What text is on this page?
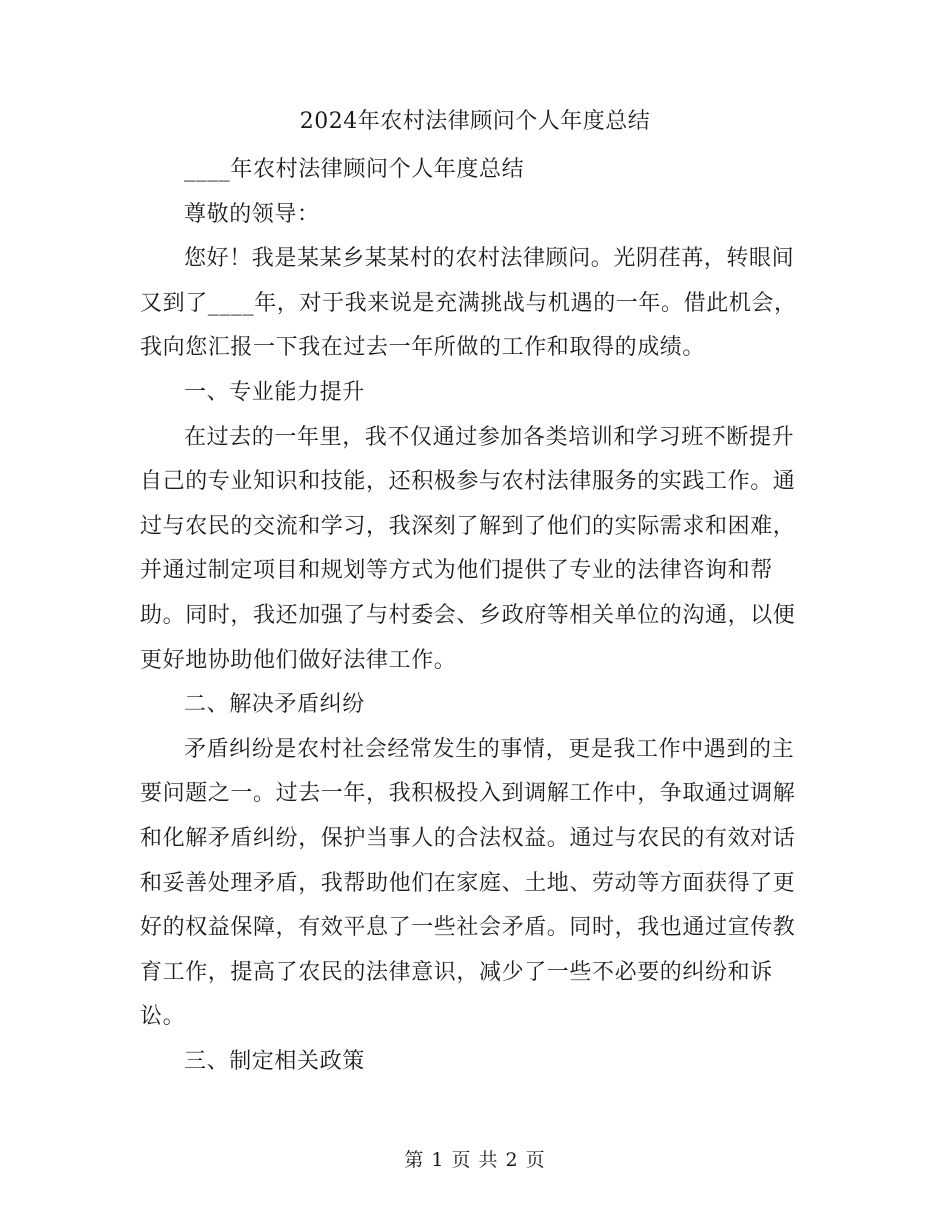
2024年农村法律顾问个人年度总结

____年农村法律顾问个人年度总结

尊敬的领导：

您好！我是某某乡某某村的农村法律顾问。光阴荏苒，转眼间又到了____年，对于我来说是充满挑战与机遇的一年。借此机会，我向您汇报一下我在过去一年所做的工作和取得的成绩。

一、专业能力提升

在过去的一年里，我不仅通过参加各类培训和学习班不断提升自己的专业知识和技能，还积极参与农村法律服务的实践工作。通过与农民的交流和学习，我深刻了解到了他们的实际需求和困难，并通过制定项目和规划等方式为他们提供了专业的法律咨询和帮助。同时，我还加强了与村委会、乡政府等相关单位的沟通，以便更好地协助他们做好法律工作。

二、解决矛盾纠纷

矛盾纠纷是农村社会经常发生的事情，更是我工作中遇到的主要问题之一。过去一年，我积极投入到调解工作中，争取通过调解和化解矛盾纠纷，保护当事人的合法权益。通过与农民的有效对话和妥善处理矛盾，我帮助他们在家庭、土地、劳动等方面获得了更好的权益保障，有效平息了一些社会矛盾。同时，我也通过宣传教育工作，提高了农民的法律意识，减少了一些不必要的纠纷和诉讼。

三、制定相关政策

第 1 页 共 2 页
